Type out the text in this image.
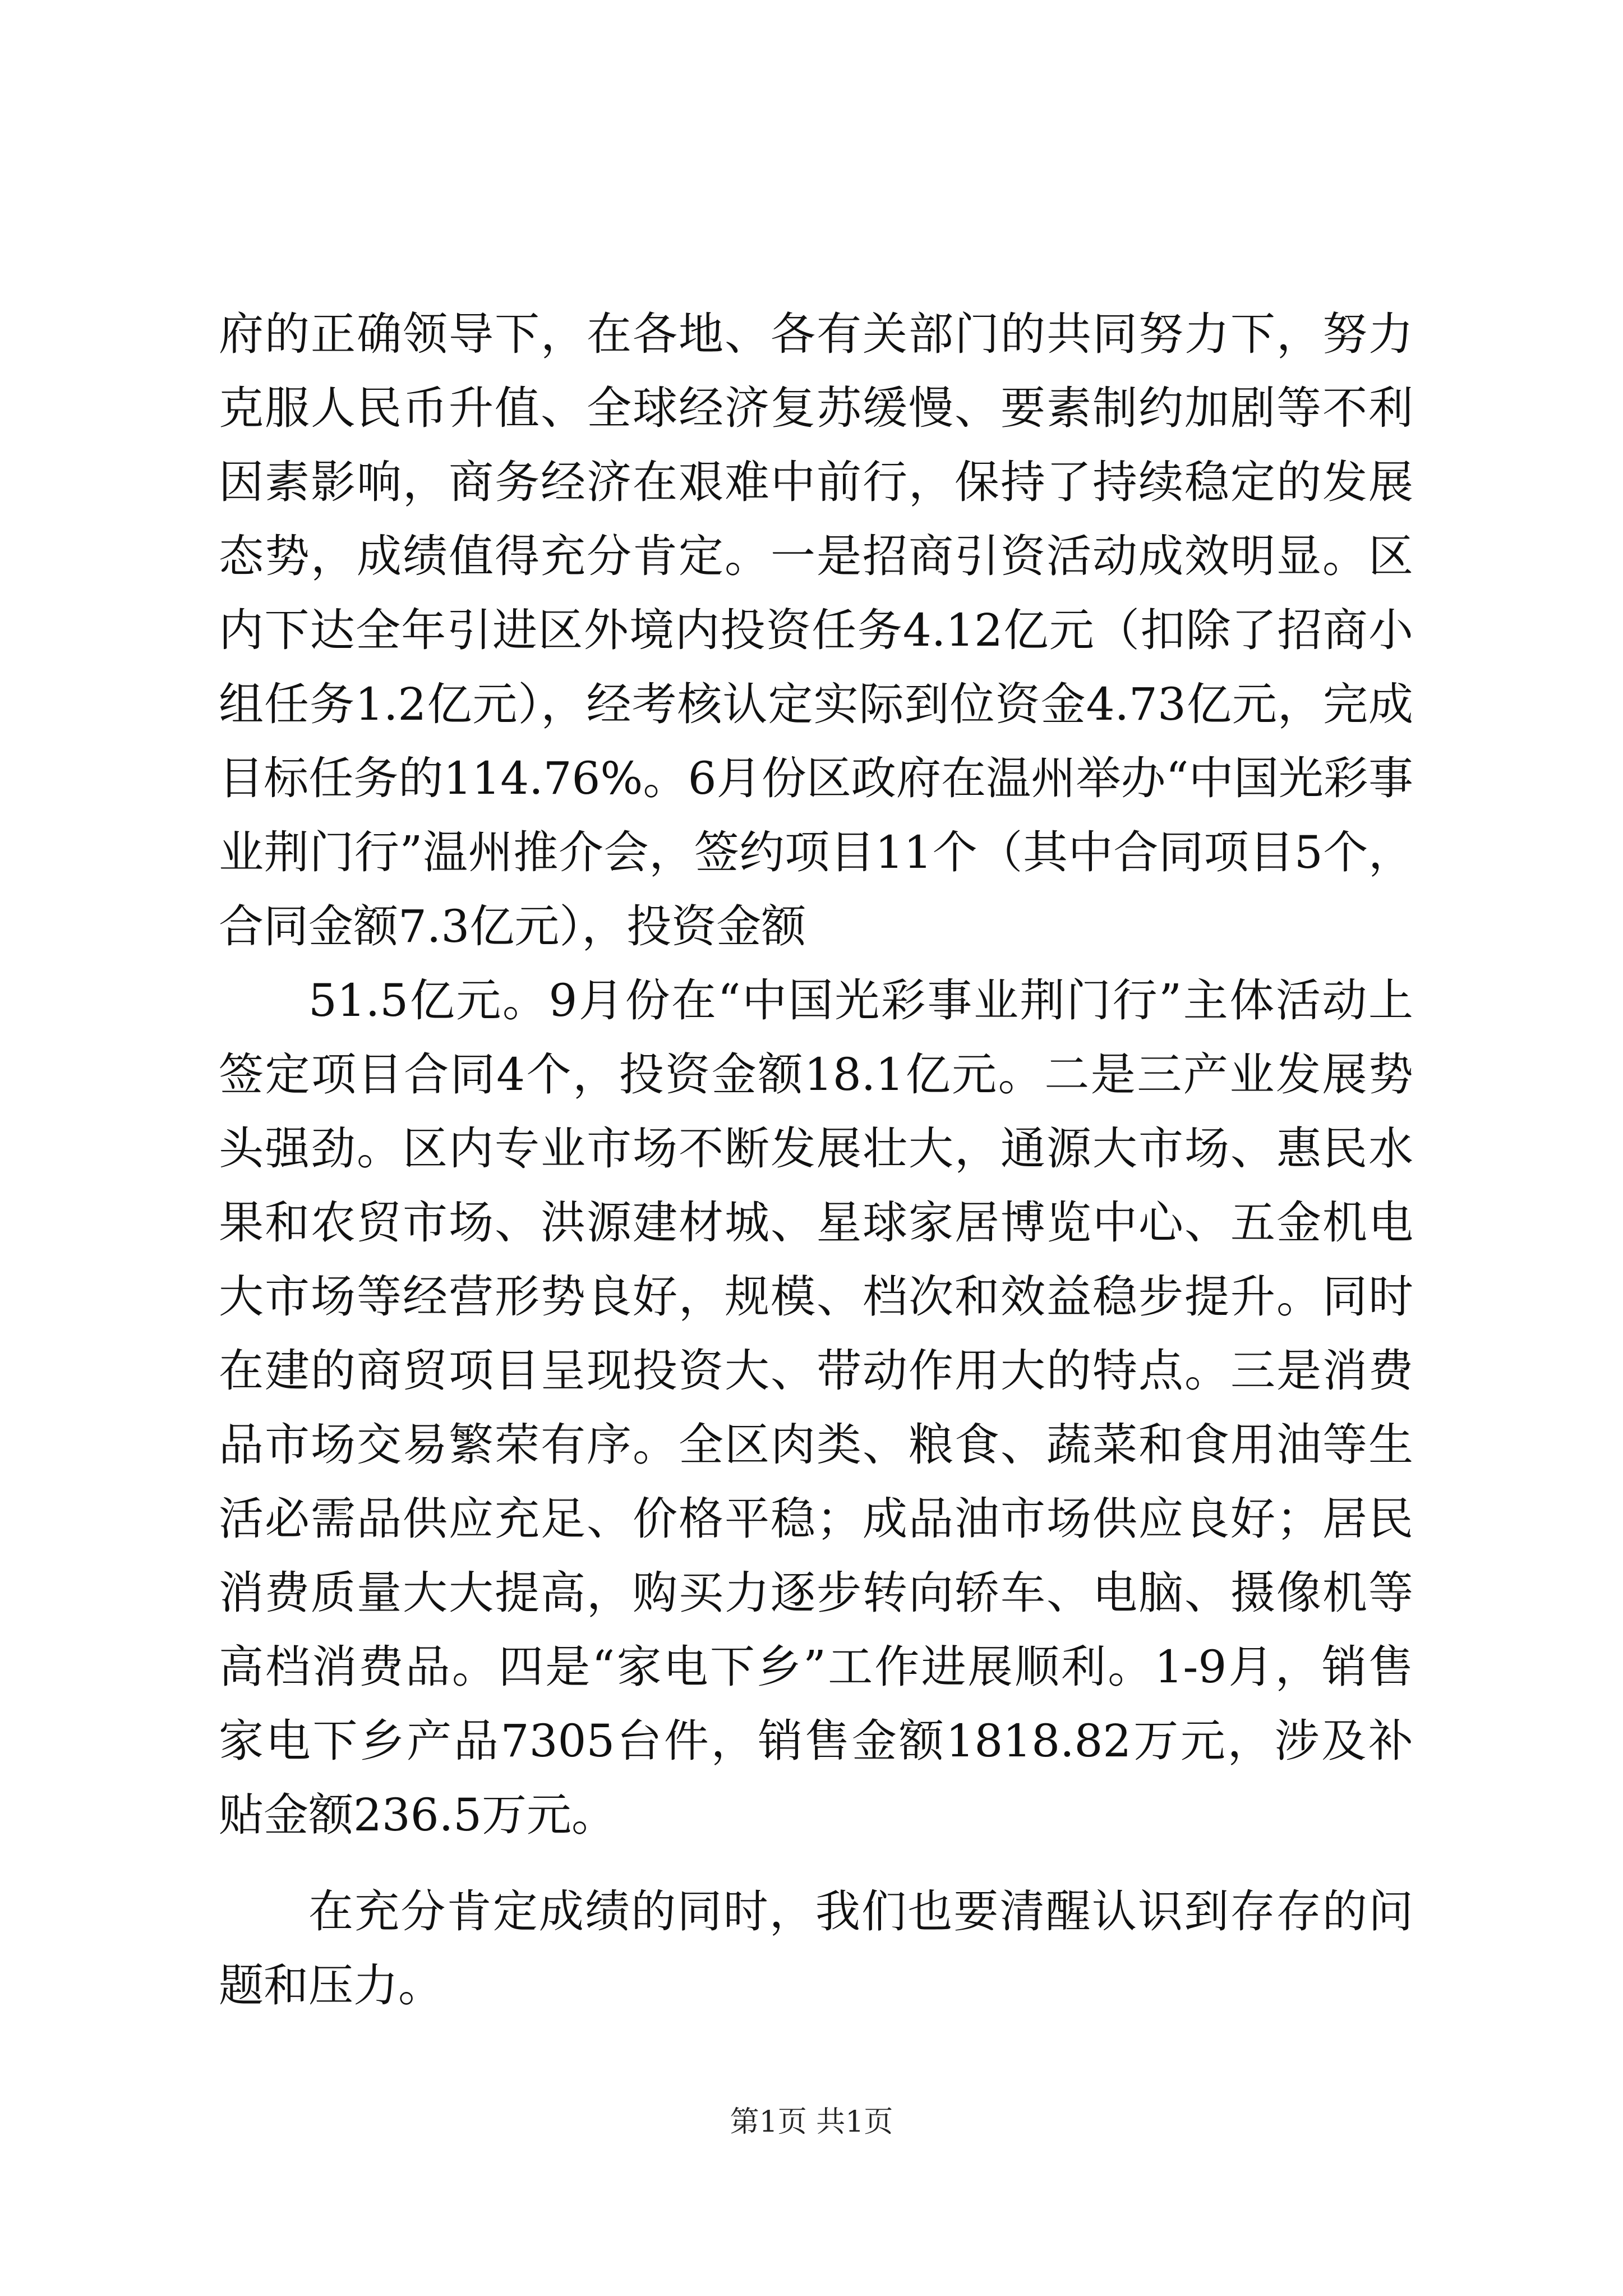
府的正确领导下，在各地、各有关部门的共同努力下，努力克服人民币升值、全球经济复苏缓慢、要素制约加剧等不利因素影响，商务经济在艰难中前行，保持了持续稳定的发展态势，成绩值得充分肯定。一是招商引资活动成效明显。区内下达全年引进区外境内投资任务4.12亿元（扣除了招商小组任务1.2亿元），经考核认定实际到位资金4.73亿元，完成目标任务的114.76%。6月份区政府在温州举办“中国光彩事业荆门行”温州推介会，签约项目11个（其中合同项目5个，合同金额7.3亿元），投资金额

51.5亿元。9月份在“中国光彩事业荆门行”主体活动上签定项目合同4个，投资金额18.1亿元。二是三产业发展势头强劲。区内专业市场不断发展壮大，通源大市场、惠民水果和农贸市场、洪源建材城、星球家居博览中心、五金机电大市场等经营形势良好，规模、档次和效益稳步提升。同时在建的商贸项目呈现投资大、带动作用大的特点。三是消费品市场交易繁荣有序。全区肉类、粮食、蔬菜和食用油等生活必需品供应充足、价格平稳；成品油市场供应良好；居民消费质量大大提高，购买力逐步转向轿车、电脑、摄像机等高档消费品。四是“家电下乡”工作进展顺利。1-9月，销售家电下乡产品7305台件，销售金额1818.82万元，涉及补贴金额236.5万元。

在充分肯定成绩的同时，我们也要清醒认识到存存的问题和压力。

第1页 共1页
